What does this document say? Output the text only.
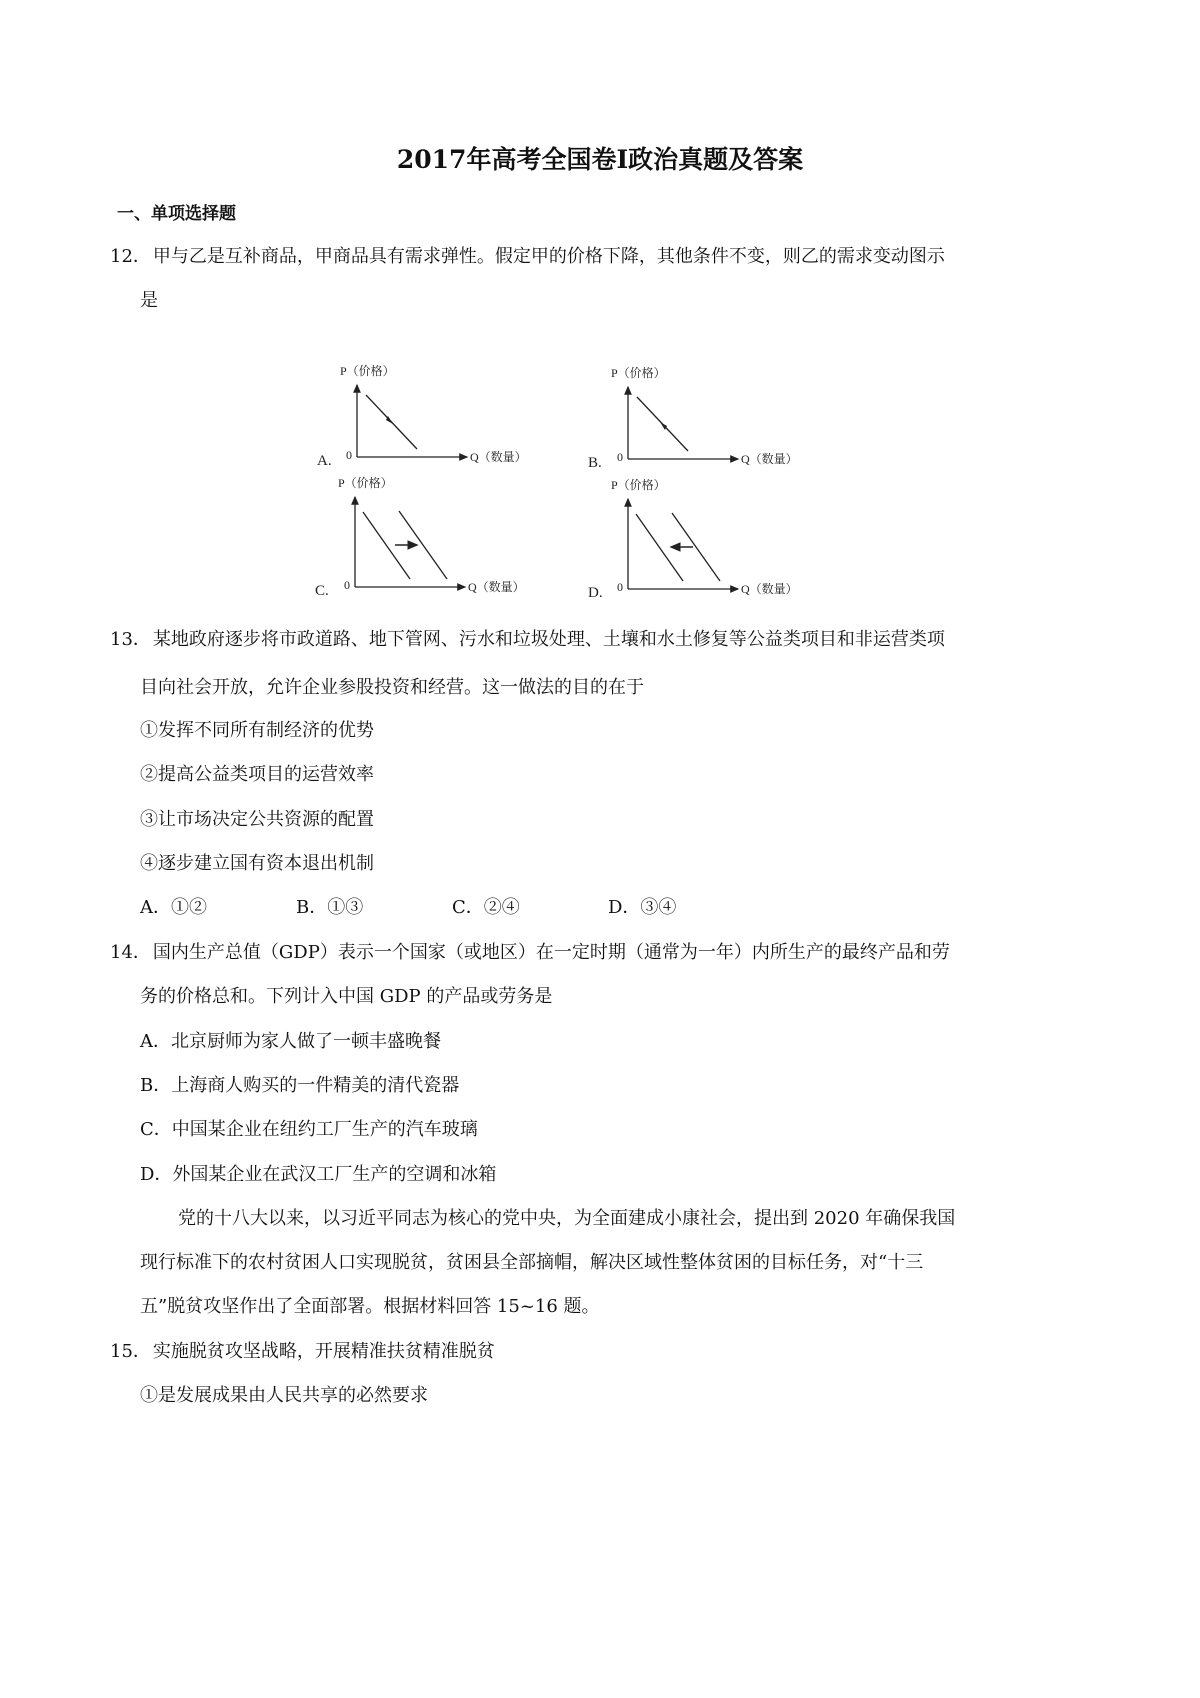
2017年高考全国卷Ⅰ政治真题及答案
一、单项选择题
12． 甲与乙是互补商品，甲商品具有需求弹性。假定甲的价格下降，其他条件不变，则乙的需求变动图示
是
P（价格）
Q（数量）
0
A.
P（价格）
Q（数量）
0
B.
P（价格）
Q（数量）
0
C.
P（价格）
Q（数量）
0
D.
13． 某地政府逐步将市政道路、地下管网、污水和垃圾处理、土壤和水土修复等公益类项目和非运营类项
目向社会开放，允许企业参股投资和经营。这一做法的目的在于
①发挥不同所有制经济的优势
②提高公益类项目的运营效率
③让市场决定公共资源的配置
④逐步建立国有资本退出机制
A．①②	B．①③	C．②④	D．③④
14． 国内生产总值（GDP）表示一个国家（或地区）在一定时期（通常为一年）内所生产的最终产品和劳
务的价格总和。下列计入中国 GDP 的产品或劳务是
A．北京厨师为家人做了一顿丰盛晚餐
B．上海商人购买的一件精美的清代瓷器
C．中国某企业在纽约工厂生产的汽车玻璃
D．外国某企业在武汉工厂生产的空调和冰箱
党的十八大以来，以习近平同志为核心的党中央，为全面建成小康社会，提出到 2020 年确保我国
现行标准下的农村贫困人口实现脱贫，贫困县全部摘帽，解决区域性整体贫困的目标任务，对“十三
五”脱贫攻坚作出了全面部署。根据材料回答 15~16 题。
15． 实施脱贫攻坚战略，开展精准扶贫精准脱贫
①是发展成果由人民共享的必然要求
